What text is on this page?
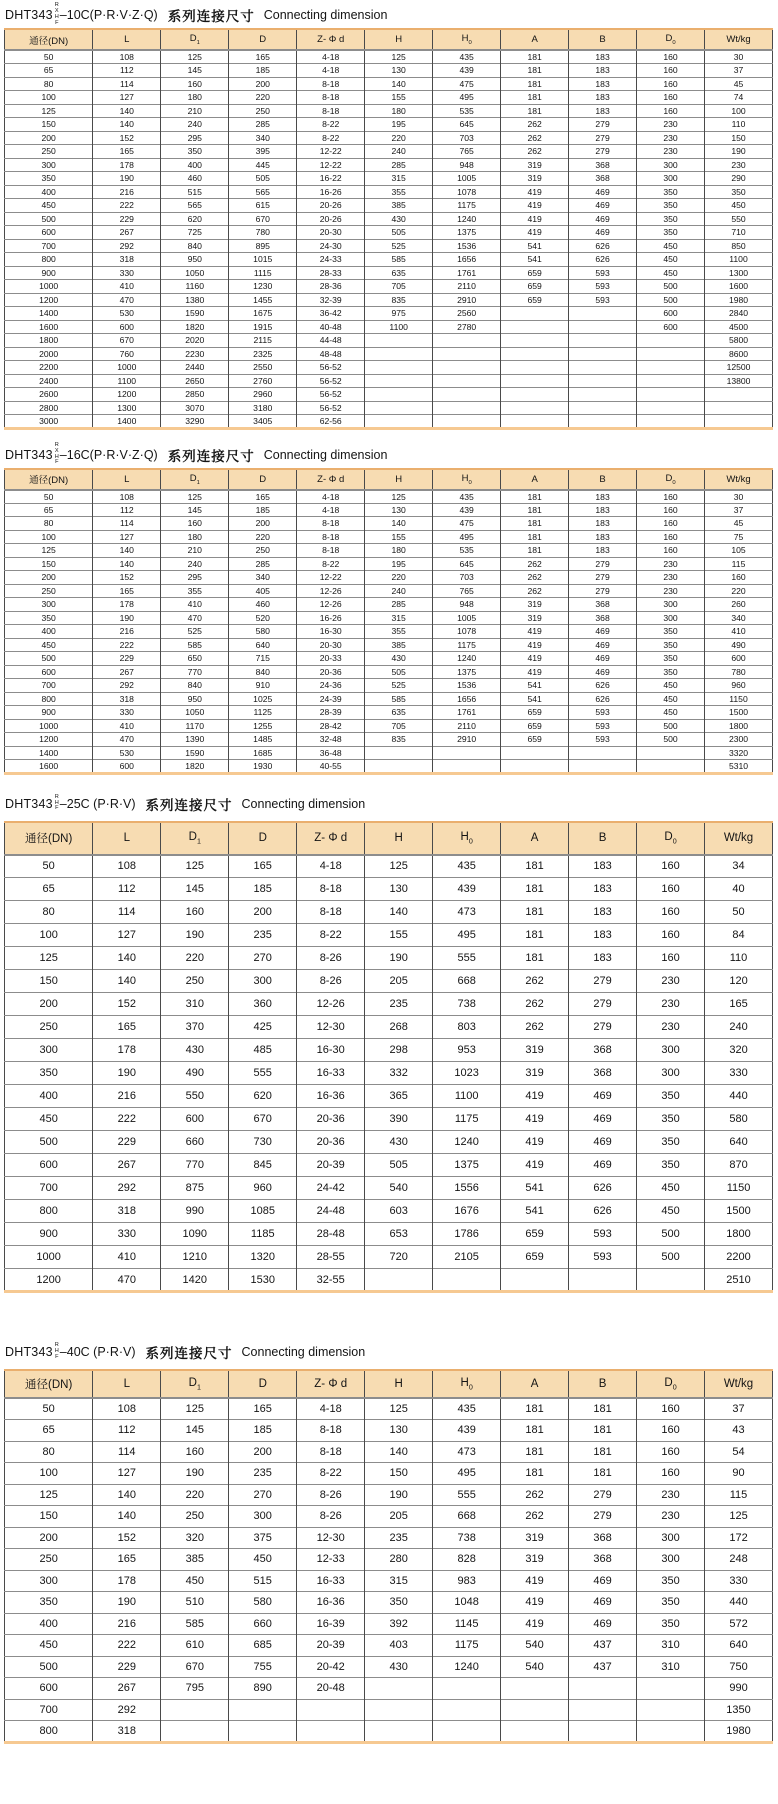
DHT343
R
X
H
F
–10C(P·R·V·Z·Q) 系列连接尺寸 Connecting dimension
通径(DN)	L	$D_1$	D	Z- Φ d	H	$H_0$	A	B	$D_0$	Wt/kg
50	108	125	165	4-18	125	435	181	183	160	30
65	112	145	185	4-18	130	439	181	183	160	37
80	114	160	200	8-18	140	475	181	183	160	45
100	127	180	220	8-18	155	495	181	183	160	74
125	140	210	250	8-18	180	535	181	183	160	100
150	140	240	285	8-22	195	645	262	279	230	110
200	152	295	340	8-22	220	703	262	279	230	150
250	165	350	395	12-22	240	765	262	279	230	190
300	178	400	445	12-22	285	948	319	368	300	230
350	190	460	505	16-22	315	1005	319	368	300	290
400	216	515	565	16-26	355	1078	419	469	350	350
450	222	565	615	20-26	385	1175	419	469	350	450
500	229	620	670	20-26	430	1240	419	469	350	550
600	267	725	780	20-30	505	1375	419	469	350	710
700	292	840	895	24-30	525	1536	541	626	450	850
800	318	950	1015	24-33	585	1656	541	626	450	1100
900	330	1050	1115	28-33	635	1761	659	593	450	1300
1000	410	1160	1230	28-36	705	2110	659	593	500	1600
1200	470	1380	1455	32-39	835	2910	659	593	500	1980
1400	530	1590	1675	36-42	975	2560			600	2840
1600	600	1820	1915	40-48	1100	2780			600	4500
1800	670	2020	2115	44-48						5800
2000	760	2230	2325	48-48						8600
2200	1000	2440	2550	56-52						12500
2400	1100	2650	2760	56-52						13800
2600	1200	2850	2960	56-52						
2800	1300	3070	3180	56-52						
3000	1400	3290	3405	62-56						
DHT343
R
X
H
F
–16C(P·R·V·Z·Q) 系列连接尺寸 Connecting dimension
通径(DN)	L	$D_1$	D	Z- Φ d	H	$H_0$	A	B	$D_0$	Wt/kg
50	108	125	165	4-18	125	435	181	183	160	30
65	112	145	185	4-18	130	439	181	183	160	37
80	114	160	200	8-18	140	475	181	183	160	45
100	127	180	220	8-18	155	495	181	183	160	75
125	140	210	250	8-18	180	535	181	183	160	105
150	140	240	285	8-22	195	645	262	279	230	115
200	152	295	340	12-22	220	703	262	279	230	160
250	165	355	405	12-26	240	765	262	279	230	220
300	178	410	460	12-26	285	948	319	368	300	260
350	190	470	520	16-26	315	1005	319	368	300	340
400	216	525	580	16-30	355	1078	419	469	350	410
450	222	585	640	20-30	385	1175	419	469	350	490
500	229	650	715	20-33	430	1240	419	469	350	600
600	267	770	840	20-36	505	1375	419	469	350	780
700	292	840	910	24-36	525	1536	541	626	450	960
800	318	950	1025	24-39	585	1656	541	626	450	1150
900	330	1050	1125	28-39	635	1761	659	593	450	1500
1000	410	1170	1255	28-42	705	2110	659	593	500	1800
1200	470	1390	1485	32-48	835	2910	659	593	500	2300
1400	530	1590	1685	36-48						3320
1600	600	1820	1930	40-55						5310
DHT343 R
H
F –25C (P·R·V) 系列连接尺寸 Connecting dimension
通径(DN)	L	$D_1$	D	Z- Φ d	H	$H_0$	A	B	$D_0$	Wt/kg
50	108	125	165	4-18	125	435	181	183	160	34
65	112	145	185	8-18	130	439	181	183	160	40
80	114	160	200	8-18	140	473	181	183	160	50
100	127	190	235	8-22	155	495	181	183	160	84
125	140	220	270	8-26	190	555	181	183	160	110
150	140	250	300	8-26	205	668	262	279	230	120
200	152	310	360	12-26	235	738	262	279	230	165
250	165	370	425	12-30	268	803	262	279	230	240
300	178	430	485	16-30	298	953	319	368	300	320
350	190	490	555	16-33	332	1023	319	368	300	330
400	216	550	620	16-36	365	1100	419	469	350	440
450	222	600	670	20-36	390	1175	419	469	350	580
500	229	660	730	20-36	430	1240	419	469	350	640
600	267	770	845	20-39	505	1375	419	469	350	870
700	292	875	960	24-42	540	1556	541	626	450	1150
800	318	990	1085	24-48	603	1676	541	626	450	1500
900	330	1090	1185	28-48	653	1786	659	593	500	1800
1000	410	1210	1320	28-55	720	2105	659	593	500	2200
1200	470	1420	1530	32-55						2510
DHT343 R
H
F –40C (P·R·V) 系列连接尺寸 Connecting dimension
通径(DN)	L	$D_1$	D	Z- Φ d	H	$H_0$	A	B	$D_0$	Wt/kg
50	108	125	165	4-18	125	435	181	181	160	37
65	112	145	185	8-18	130	439	181	181	160	43
80	114	160	200	8-18	140	473	181	181	160	54
100	127	190	235	8-22	150	495	181	181	160	90
125	140	220	270	8-26	190	555	262	279	230	115
150	140	250	300	8-26	205	668	262	279	230	125
200	152	320	375	12-30	235	738	319	368	300	172
250	165	385	450	12-33	280	828	319	368	300	248
300	178	450	515	16-33	315	983	419	469	350	330
350	190	510	580	16-36	350	1048	419	469	350	440
400	216	585	660	16-39	392	1145	419	469	350	572
450	222	610	685	20-39	403	1175	540	437	310	640
500	229	670	755	20-42	430	1240	540	437	310	750
600	267	795	890	20-48						990
700	292									1350
800	318									1980
